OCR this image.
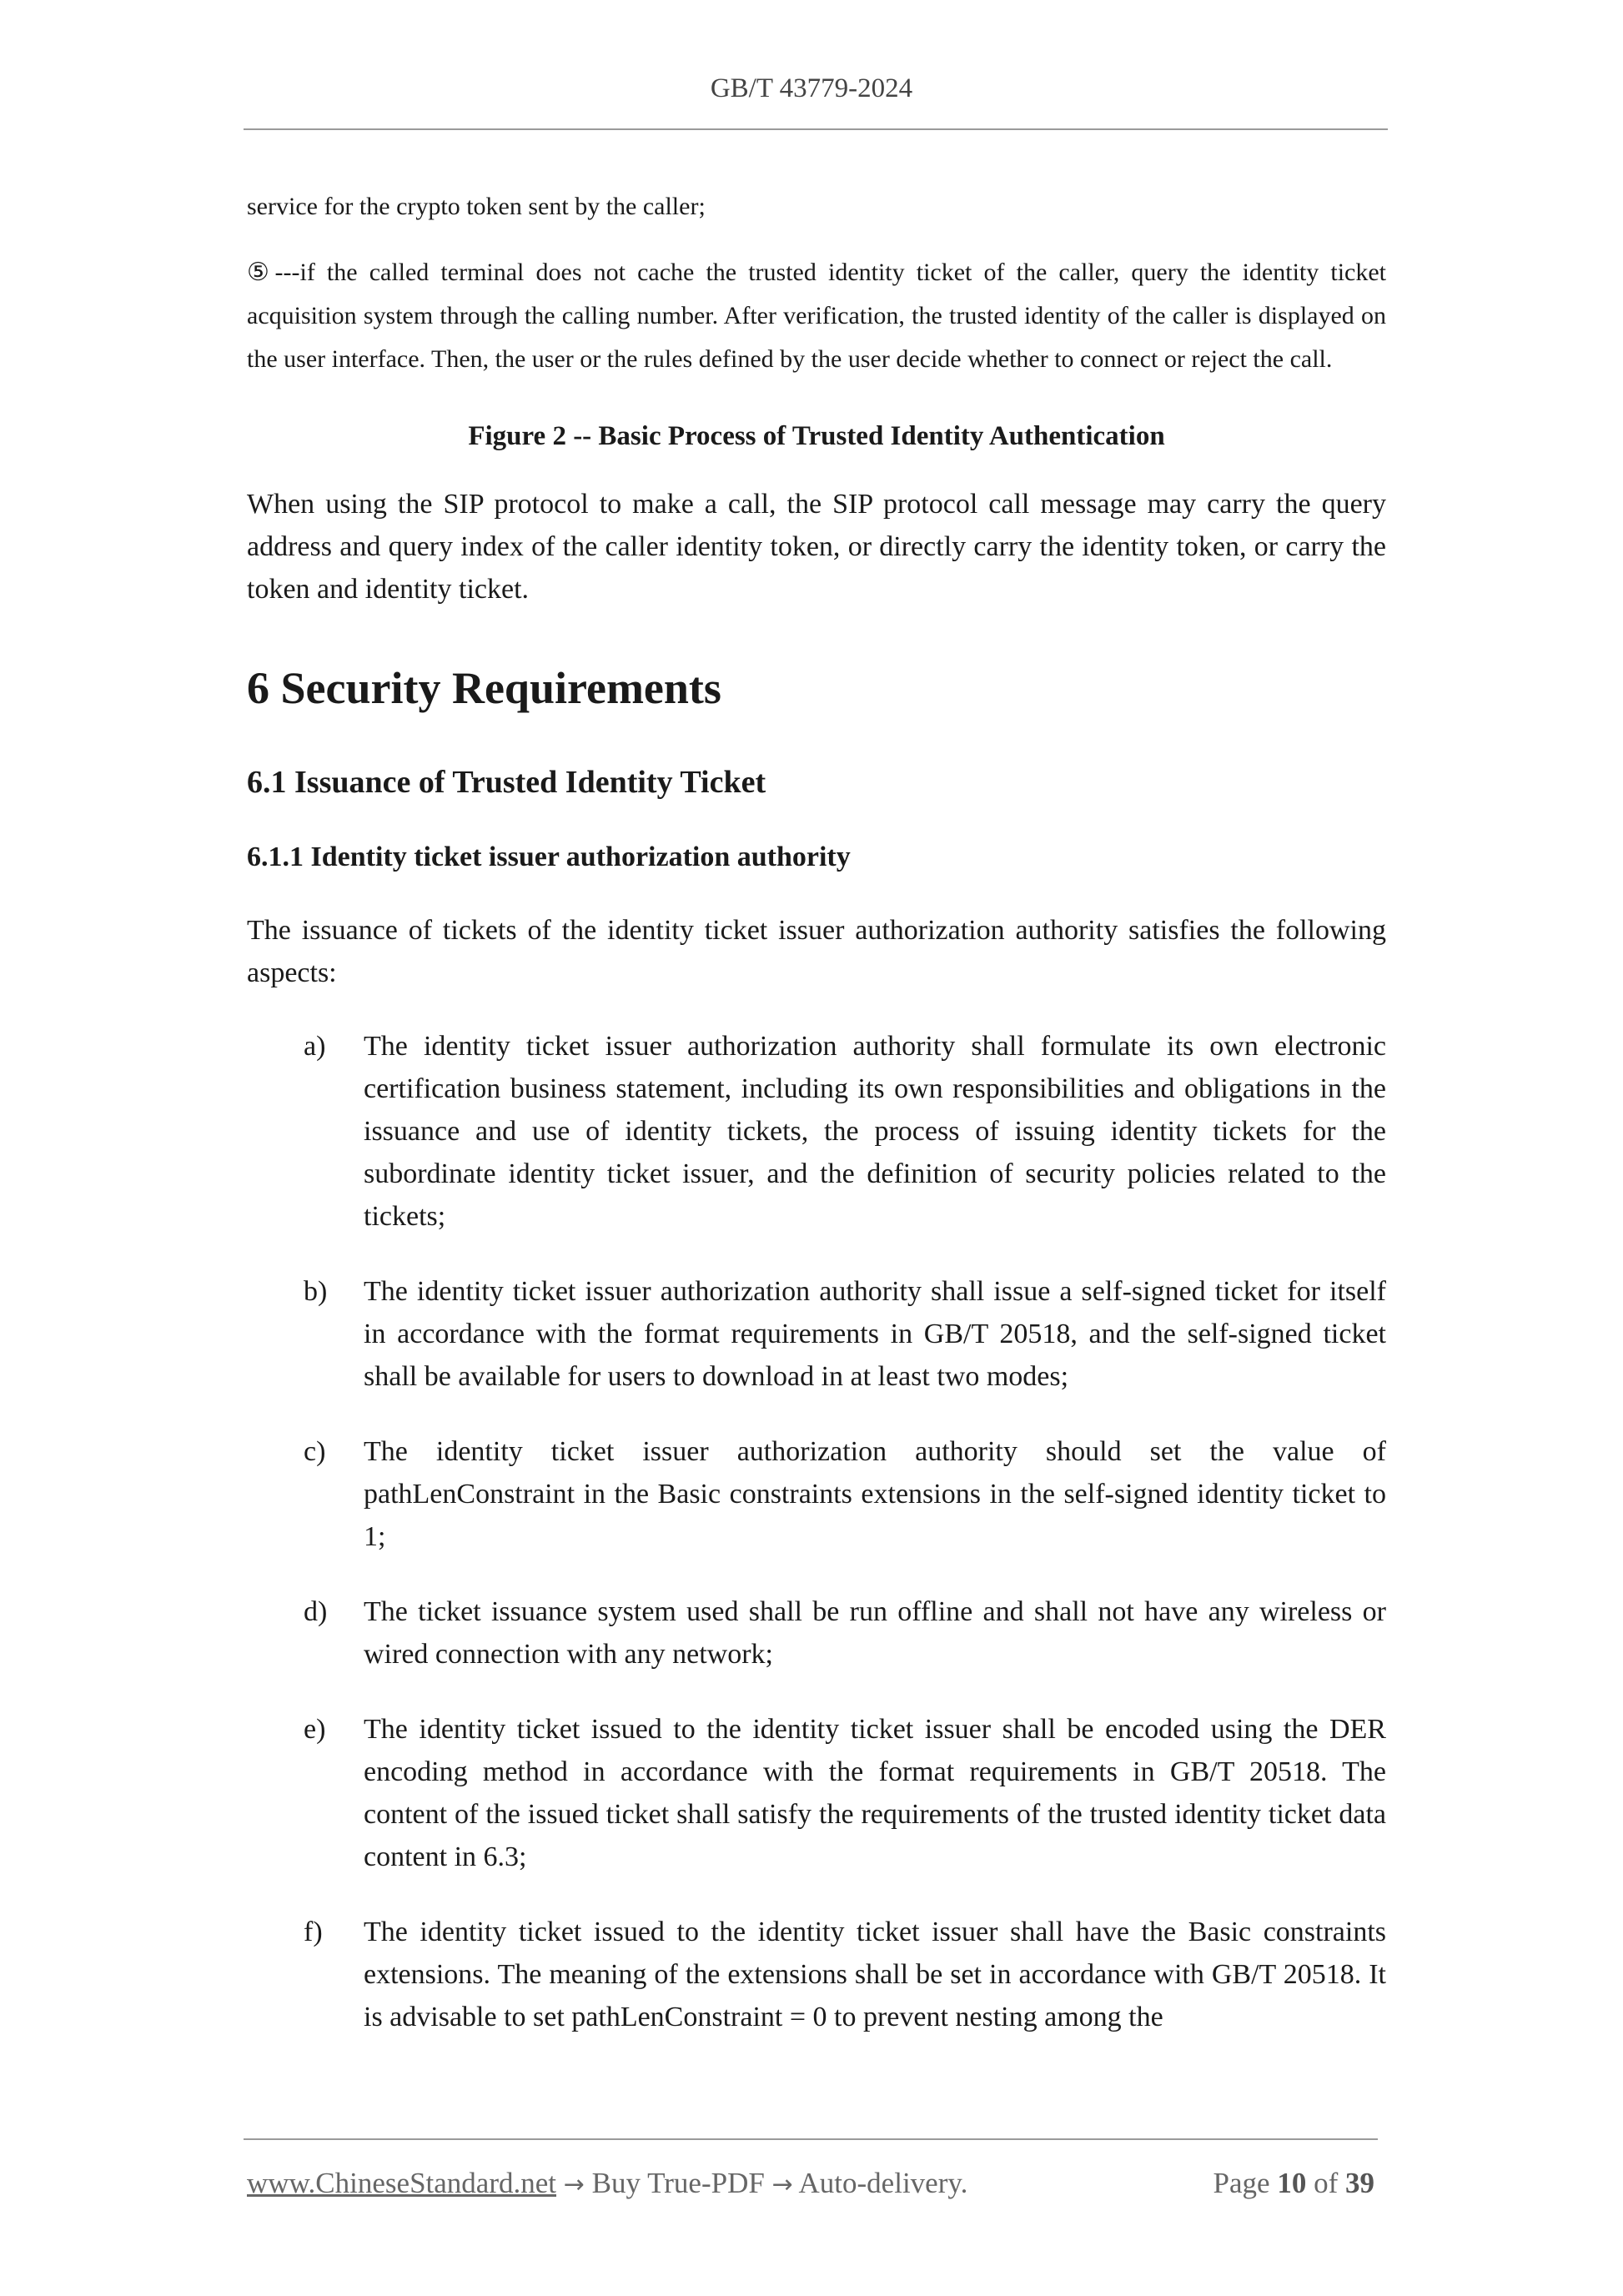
GB/T 43779-2024

service for the crypto token sent by the caller;

⑤---if the called terminal does not cache the trusted identity ticket of the caller, query the identity ticket acquisition system through the calling number. After verification, the trusted identity of the caller is displayed on the user interface. Then, the user or the rules defined by the user decide whether to connect or reject the call.

Figure 2 -- Basic Process of Trusted Identity Authentication

When using the SIP protocol to make a call, the SIP protocol call message may carry the query address and query index of the caller identity token, or directly carry the identity token, or carry the token and identity ticket.

6 Security Requirements
6.1 Issuance of Trusted Identity Ticket
6.1.1 Identity ticket issuer authorization authority

The issuance of tickets of the identity ticket issuer authorization authority satisfies the following aspects:

a) The identity ticket issuer authorization authority shall formulate its own electronic certification business statement, including its own responsibilities and obligations in the issuance and use of identity tickets, the process of issuing identity tickets for the subordinate identity ticket issuer, and the definition of security policies related to the tickets;

b) The identity ticket issuer authorization authority shall issue a self-signed ticket for itself in accordance with the format requirements in GB/T 20518, and the self-signed ticket shall be available for users to download in at least two modes;

c) The identity ticket issuer authorization authority should set the value of pathLenConstraint in the Basic constraints extensions in the self-signed identity ticket to 1;

d) The ticket issuance system used shall be run offline and shall not have any wireless or wired connection with any network;

e) The identity ticket issued to the identity ticket issuer shall be encoded using the DER encoding method in accordance with the format requirements in GB/T 20518. The content of the issued ticket shall satisfy the requirements of the trusted identity ticket data content in 6.3;

f) The identity ticket issued to the identity ticket issuer shall have the Basic constraints extensions. The meaning of the extensions shall be set in accordance with GB/T 20518. It is advisable to set pathLenConstraint = 0 to prevent nesting among the

www.ChineseStandard.net → Buy True-PDF → Auto-delivery.	Page 10 of 39
